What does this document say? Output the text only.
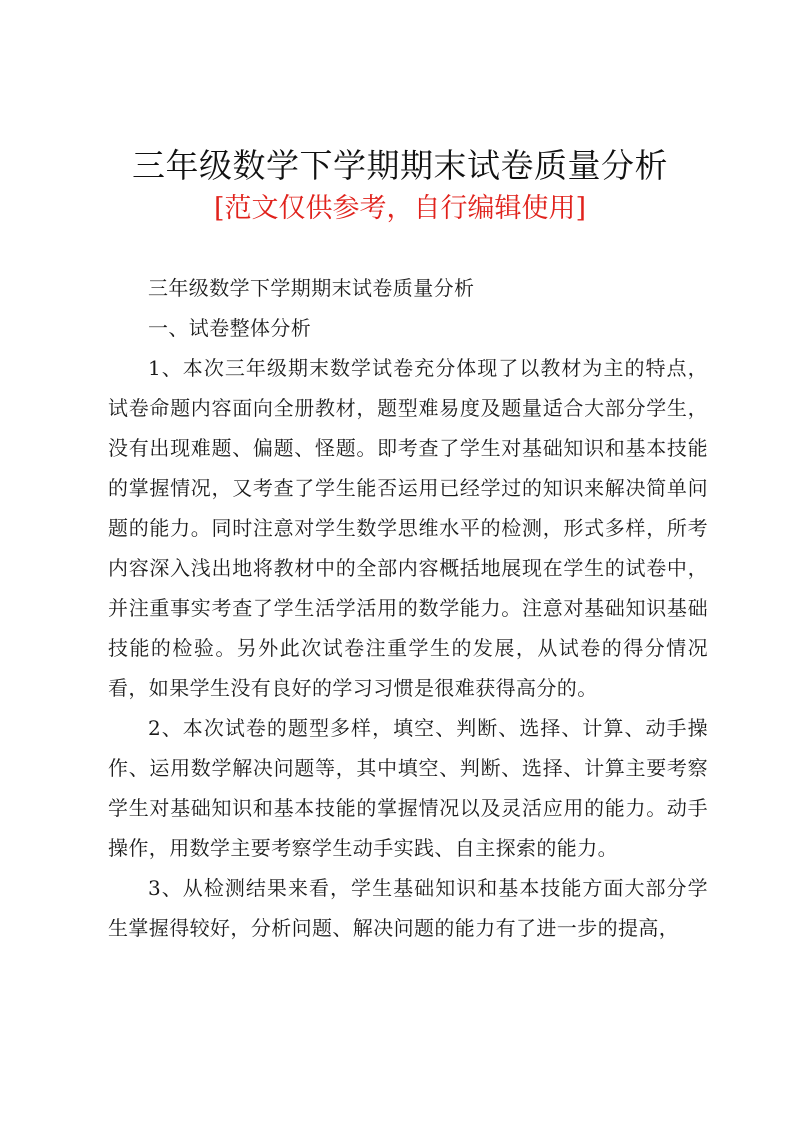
三年级数学下学期期末试卷质量分析
[范文仅供参考，自行编辑使用]

三年级数学下学期期末试卷质量分析

一、试卷整体分析

1、本次三年级期末数学试卷充分体现了以教材为主的特点，试卷命题内容面向全册教材，题型难易度及题量适合大部分学生，没有出现难题、偏题、怪题。即考查了学生对基础知识和基本技能的掌握情况，又考查了学生能否运用已经学过的知识来解决简单问题的能力。同时注意对学生数学思维水平的检测，形式多样，所考内容深入浅出地将教材中的全部内容概括地展现在学生的试卷中，并注重事实考查了学生活学活用的数学能力。注意对基础知识基础技能的检验。另外此次试卷注重学生的发展，从试卷的得分情况看，如果学生没有良好的学习习惯是很难获得高分的。

2、本次试卷的题型多样，填空、判断、选择、计算、动手操作、运用数学解决问题等，其中填空、判断、选择、计算主要考察学生对基础知识和基本技能的掌握情况以及灵活应用的能力。动手操作，用数学主要考察学生动手实践、自主探索的能力。

3、从检测结果来看，学生基础知识和基本技能方面大部分学生掌握得较好，分析问题、解决问题的能力有了进一步的提高，
